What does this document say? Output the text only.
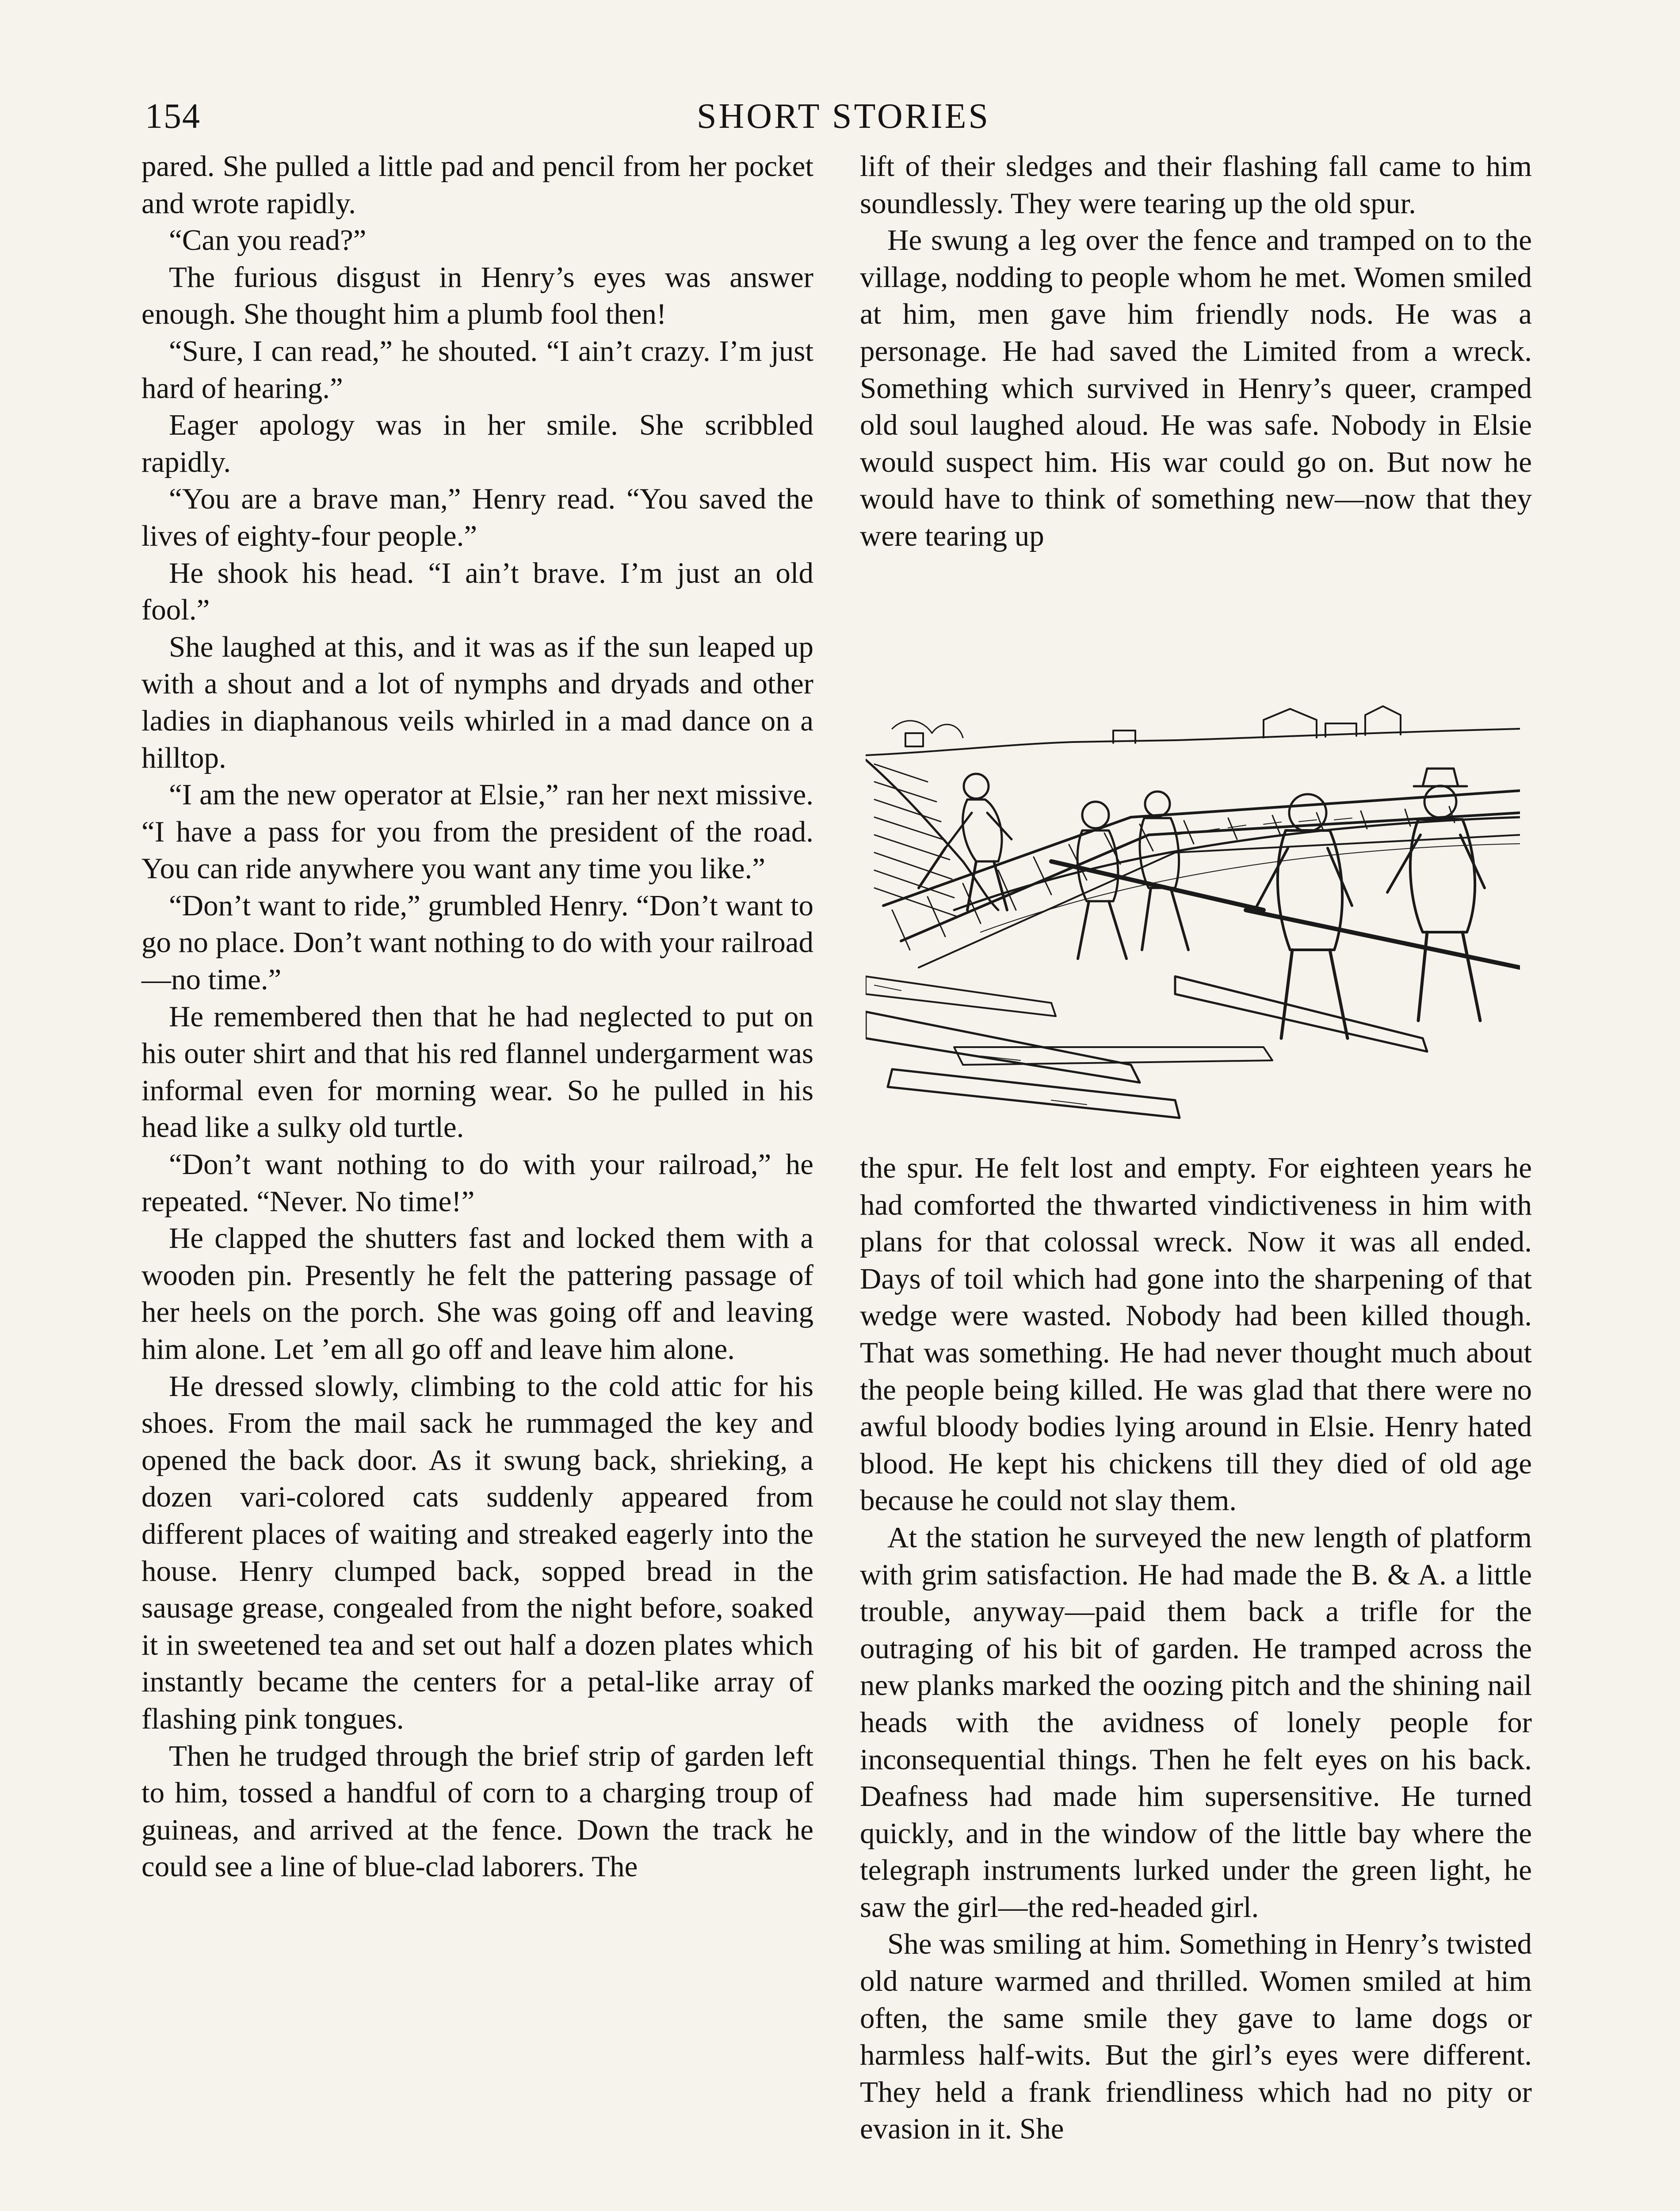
154	SHORT STORIES

pared. She pulled a little pad and pencil from her pocket and wrote rapidly.

“Can you read?”

The furious disgust in Henry’s eyes was answer enough. She thought him a plumb fool then!

“Sure, I can read,” he shouted. “I ain’t crazy. I’m just hard of hearing.”

Eager apology was in her smile. She scribbled rapidly.

“You are a brave man,” Henry read. “You saved the lives of eighty-four people.”

He shook his head. “I ain’t brave. I’m just an old fool.”

She laughed at this, and it was as if the sun leaped up with a shout and a lot of nymphs and dryads and other ladies in diaphanous veils whirled in a mad dance on a hilltop.

“I am the new operator at Elsie,” ran her next missive. “I have a pass for you from the president of the road. You can ride anywhere you want any time you like.”

“Don’t want to ride,” grumbled Henry. “Don’t want to go no place. Don’t want nothing to do with your railroad—no time.”

He remembered then that he had neglected to put on his outer shirt and that his red flannel undergarment was informal even for morning wear. So he pulled in his head like a sulky old turtle.

“Don’t want nothing to do with your railroad,” he repeated. “Never. No time!”

He clapped the shutters fast and locked them with a wooden pin. Presently he felt the pattering passage of her heels on the porch. She was going off and leaving him alone. Let ’em all go off and leave him alone.

He dressed slowly, climbing to the cold attic for his shoes. From the mail sack he rummaged the key and opened the back door. As it swung back, shrieking, a dozen vari-colored cats suddenly appeared from different places of waiting and streaked eagerly into the house. Henry clumped back, sopped bread in the sausage grease, congealed from the night before, soaked it in sweetened tea and set out half a dozen plates which instantly became the centers for a petal-like array of flashing pink tongues.

Then he trudged through the brief strip of garden left to him, tossed a handful of corn to a charging troup of guineas, and arrived at the fence. Down the track he could see a line of blue-clad laborers. The

lift of their sledges and their flashing fall came to him soundlessly. They were tearing up the old spur.

He swung a leg over the fence and tramped on to the village, nodding to people whom he met. Women smiled at him, men gave him friendly nods. He was a personage. He had saved the Limited from a wreck. Something which survived in Henry’s queer, cramped old soul laughed aloud. He was safe. Nobody in Elsie would suspect him. His war could go on. But now he would have to think of something new—now that they were tearing up

the spur. He felt lost and empty. For eighteen years he had comforted the thwarted vindictiveness in him with plans for that colossal wreck. Now it was all ended. Days of toil which had gone into the sharpening of that wedge were wasted. Nobody had been killed though. That was something. He had never thought much about the people being killed. He was glad that there were no awful bloody bodies lying around in Elsie. Henry hated blood. He kept his chickens till they died of old age because he could not slay them.

At the station he surveyed the new length of platform with grim satisfaction. He had made the B. & A. a little trouble, anyway—paid them back a trifle for the outraging of his bit of garden. He tramped across the new planks marked the oozing pitch and the shining nail heads with the avidness of lonely people for inconsequential things. Then he felt eyes on his back. Deafness had made him supersensitive. He turned quickly, and in the window of the little bay where the telegraph instruments lurked under the green light, he saw the girl—the red-headed girl.

She was smiling at him. Something in Henry’s twisted old nature warmed and thrilled. Women smiled at him often, the same smile they gave to lame dogs or harmless half-wits. But the girl’s eyes were different. They held a frank friendliness which had no pity or evasion in it. She
